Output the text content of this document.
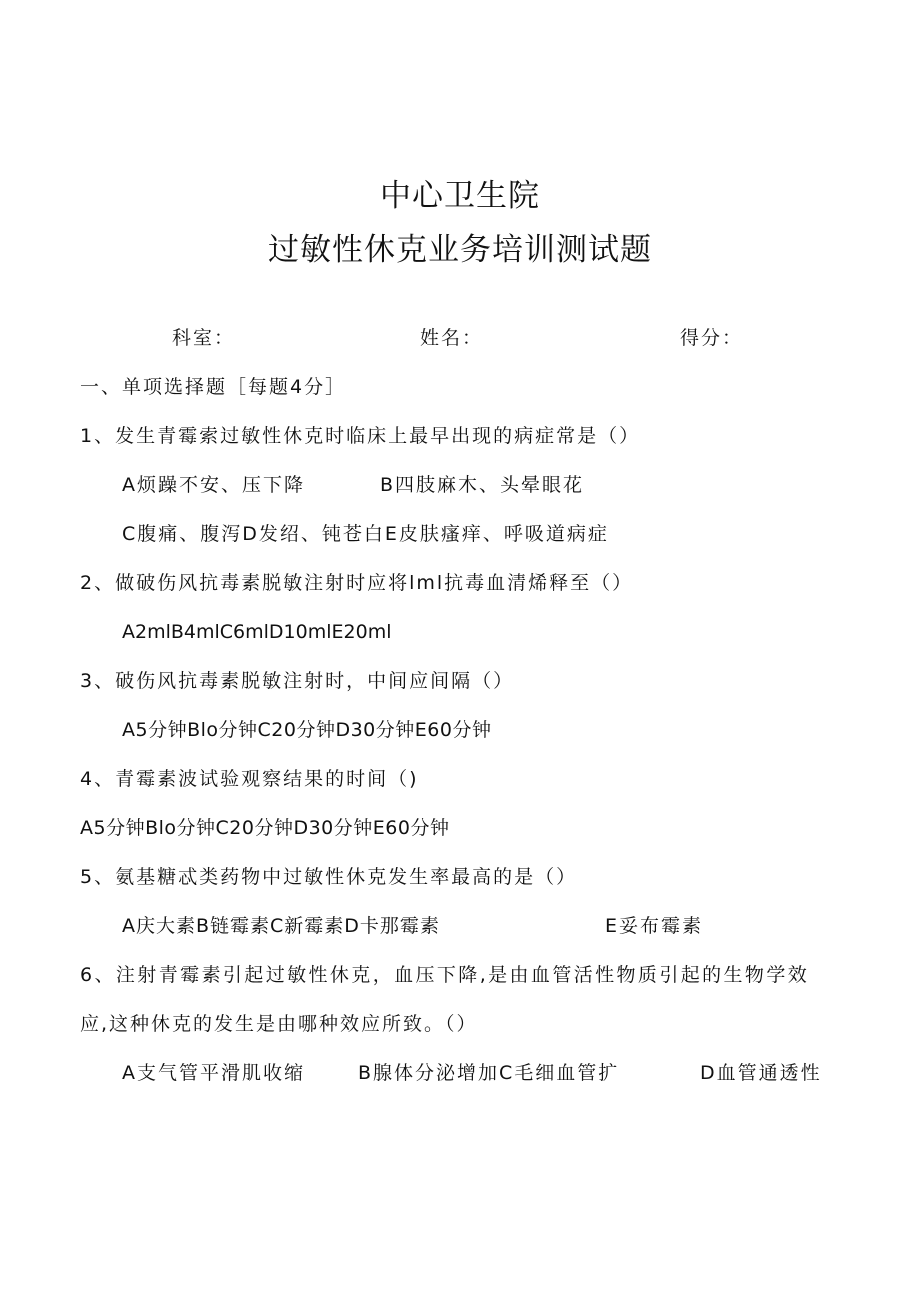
中心卫生院
过敏性休克业务培训测试题
科室：	姓名：	得分：
一、单项选择题［每题4分］
1、发生青霉索过敏性休克时临床上最早出现的病症常是（）
A烦躁不安、压下降	B四肢麻木、头晕眼花
C腹痛、腹泻D发绍、钝苍白E皮肤瘙痒、呼吸道病症
2、做破伤风抗毒素脱敏注射时应将lml抗毒血清烯释至（）
A2mlB4mlC6mlD10mlE20ml
3、破伤风抗毒素脱敏注射时，中间应间隔（）
A5分钟Blo分钟C20分钟D30分钟E60分钟
4、青霉素波试验观察结果的时间（)
A5分钟Blo分钟C20分钟D30分钟E60分钟
5、氨基糖忒类药物中过敏性休克发生率最高的是（）
A庆大素B链霉素C新霉素D卡那霉素	E妥布霉素
6、注射青霉素引起过敏性休克，血压下降,是由血管活性物质引起的生物学效
应,这种休克的发生是由哪种效应所致。（）
A支气管平滑肌收缩	B腺体分泌增加C毛细血管扩	D血管通透性
